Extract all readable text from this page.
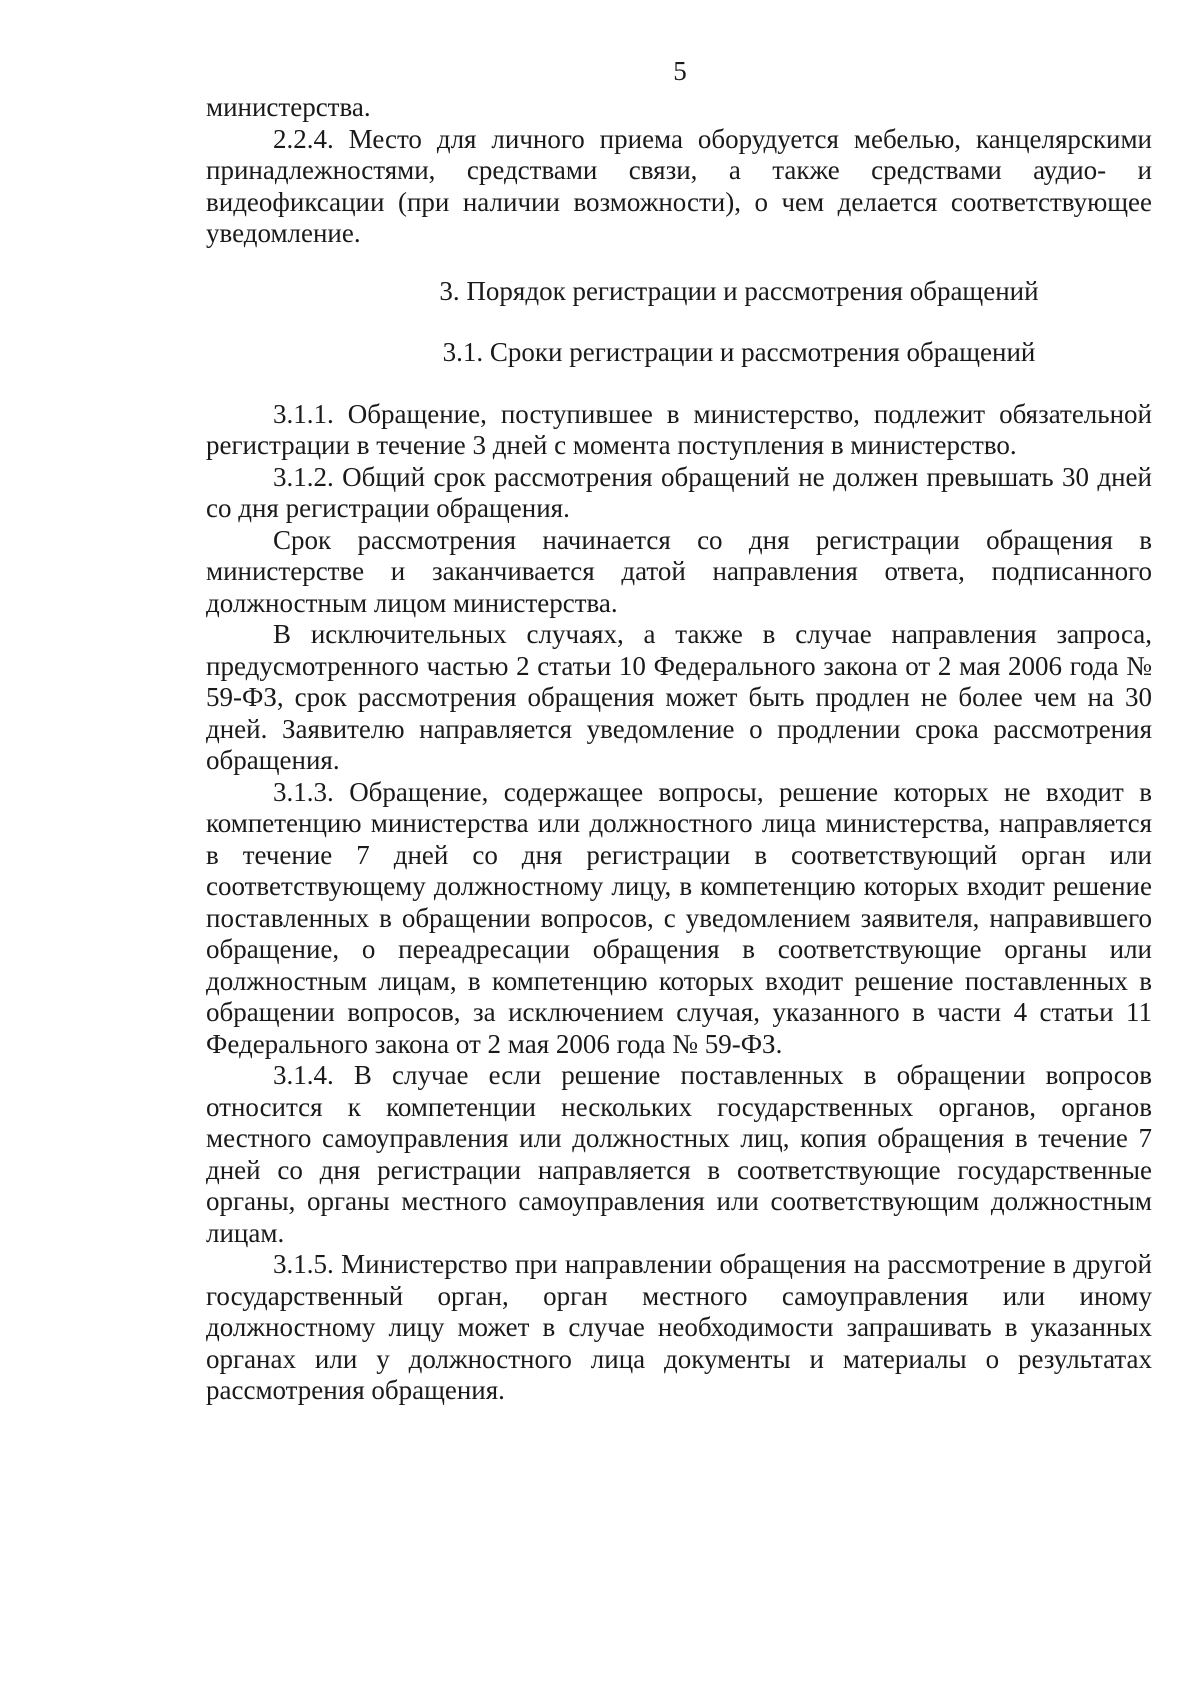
5

министерства.

2.2.4. Место для личного приема оборудуется мебелью, канцелярскими принадлежностями, средствами связи, а также средствами аудио- и видеофиксации (при наличии возможности), о чем делается соответствующее уведомление.

3. Порядок регистрации и рассмотрения обращений

3.1. Сроки регистрации и рассмотрения обращений

3.1.1. Обращение, поступившее в министерство, подлежит обязательной регистрации в течение 3 дней с момента поступления в министерство.

3.1.2. Общий срок рассмотрения обращений не должен превышать 30 дней со дня регистрации обращения.

Срок рассмотрения начинается со дня регистрации обращения в министерстве и заканчивается датой направления ответа, подписанного должностным лицом министерства.

В исключительных случаях, а также в случае направления запроса, предусмотренного частью 2 статьи 10 Федерального закона от 2 мая 2006 года № 59-ФЗ, срок рассмотрения обращения может быть продлен не более чем на 30 дней. Заявителю направляется уведомление о продлении срока рассмотрения обращения.

3.1.3. Обращение, содержащее вопросы, решение которых не входит в компетенцию министерства или должностного лица министерства, направляется в течение 7 дней со дня регистрации в соответствующий орган или соответствующему должностному лицу, в компетенцию которых входит решение поставленных в обращении вопросов, с уведомлением заявителя, направившего обращение, о переадресации обращения в соответствующие органы или должностным лицам, в компетенцию которых входит решение поставленных в обращении вопросов, за исключением случая, указанного в части 4 статьи 11 Федерального закона от 2 мая 2006 года № 59-ФЗ.

3.1.4. В случае если решение поставленных в обращении вопросов относится к компетенции нескольких государственных органов, органов местного самоуправления или должностных лиц, копия обращения в течение 7 дней со дня регистрации направляется в соответствующие государственные органы, органы местного самоуправления или соответствующим должностным лицам.

3.1.5. Министерство при направлении обращения на рассмотрение в другой государственный орган, орган местного самоуправления или иному должностному лицу может в случае необходимости запрашивать в указанных органах или у должностного лица документы и материалы о результатах рассмотрения обращения.
